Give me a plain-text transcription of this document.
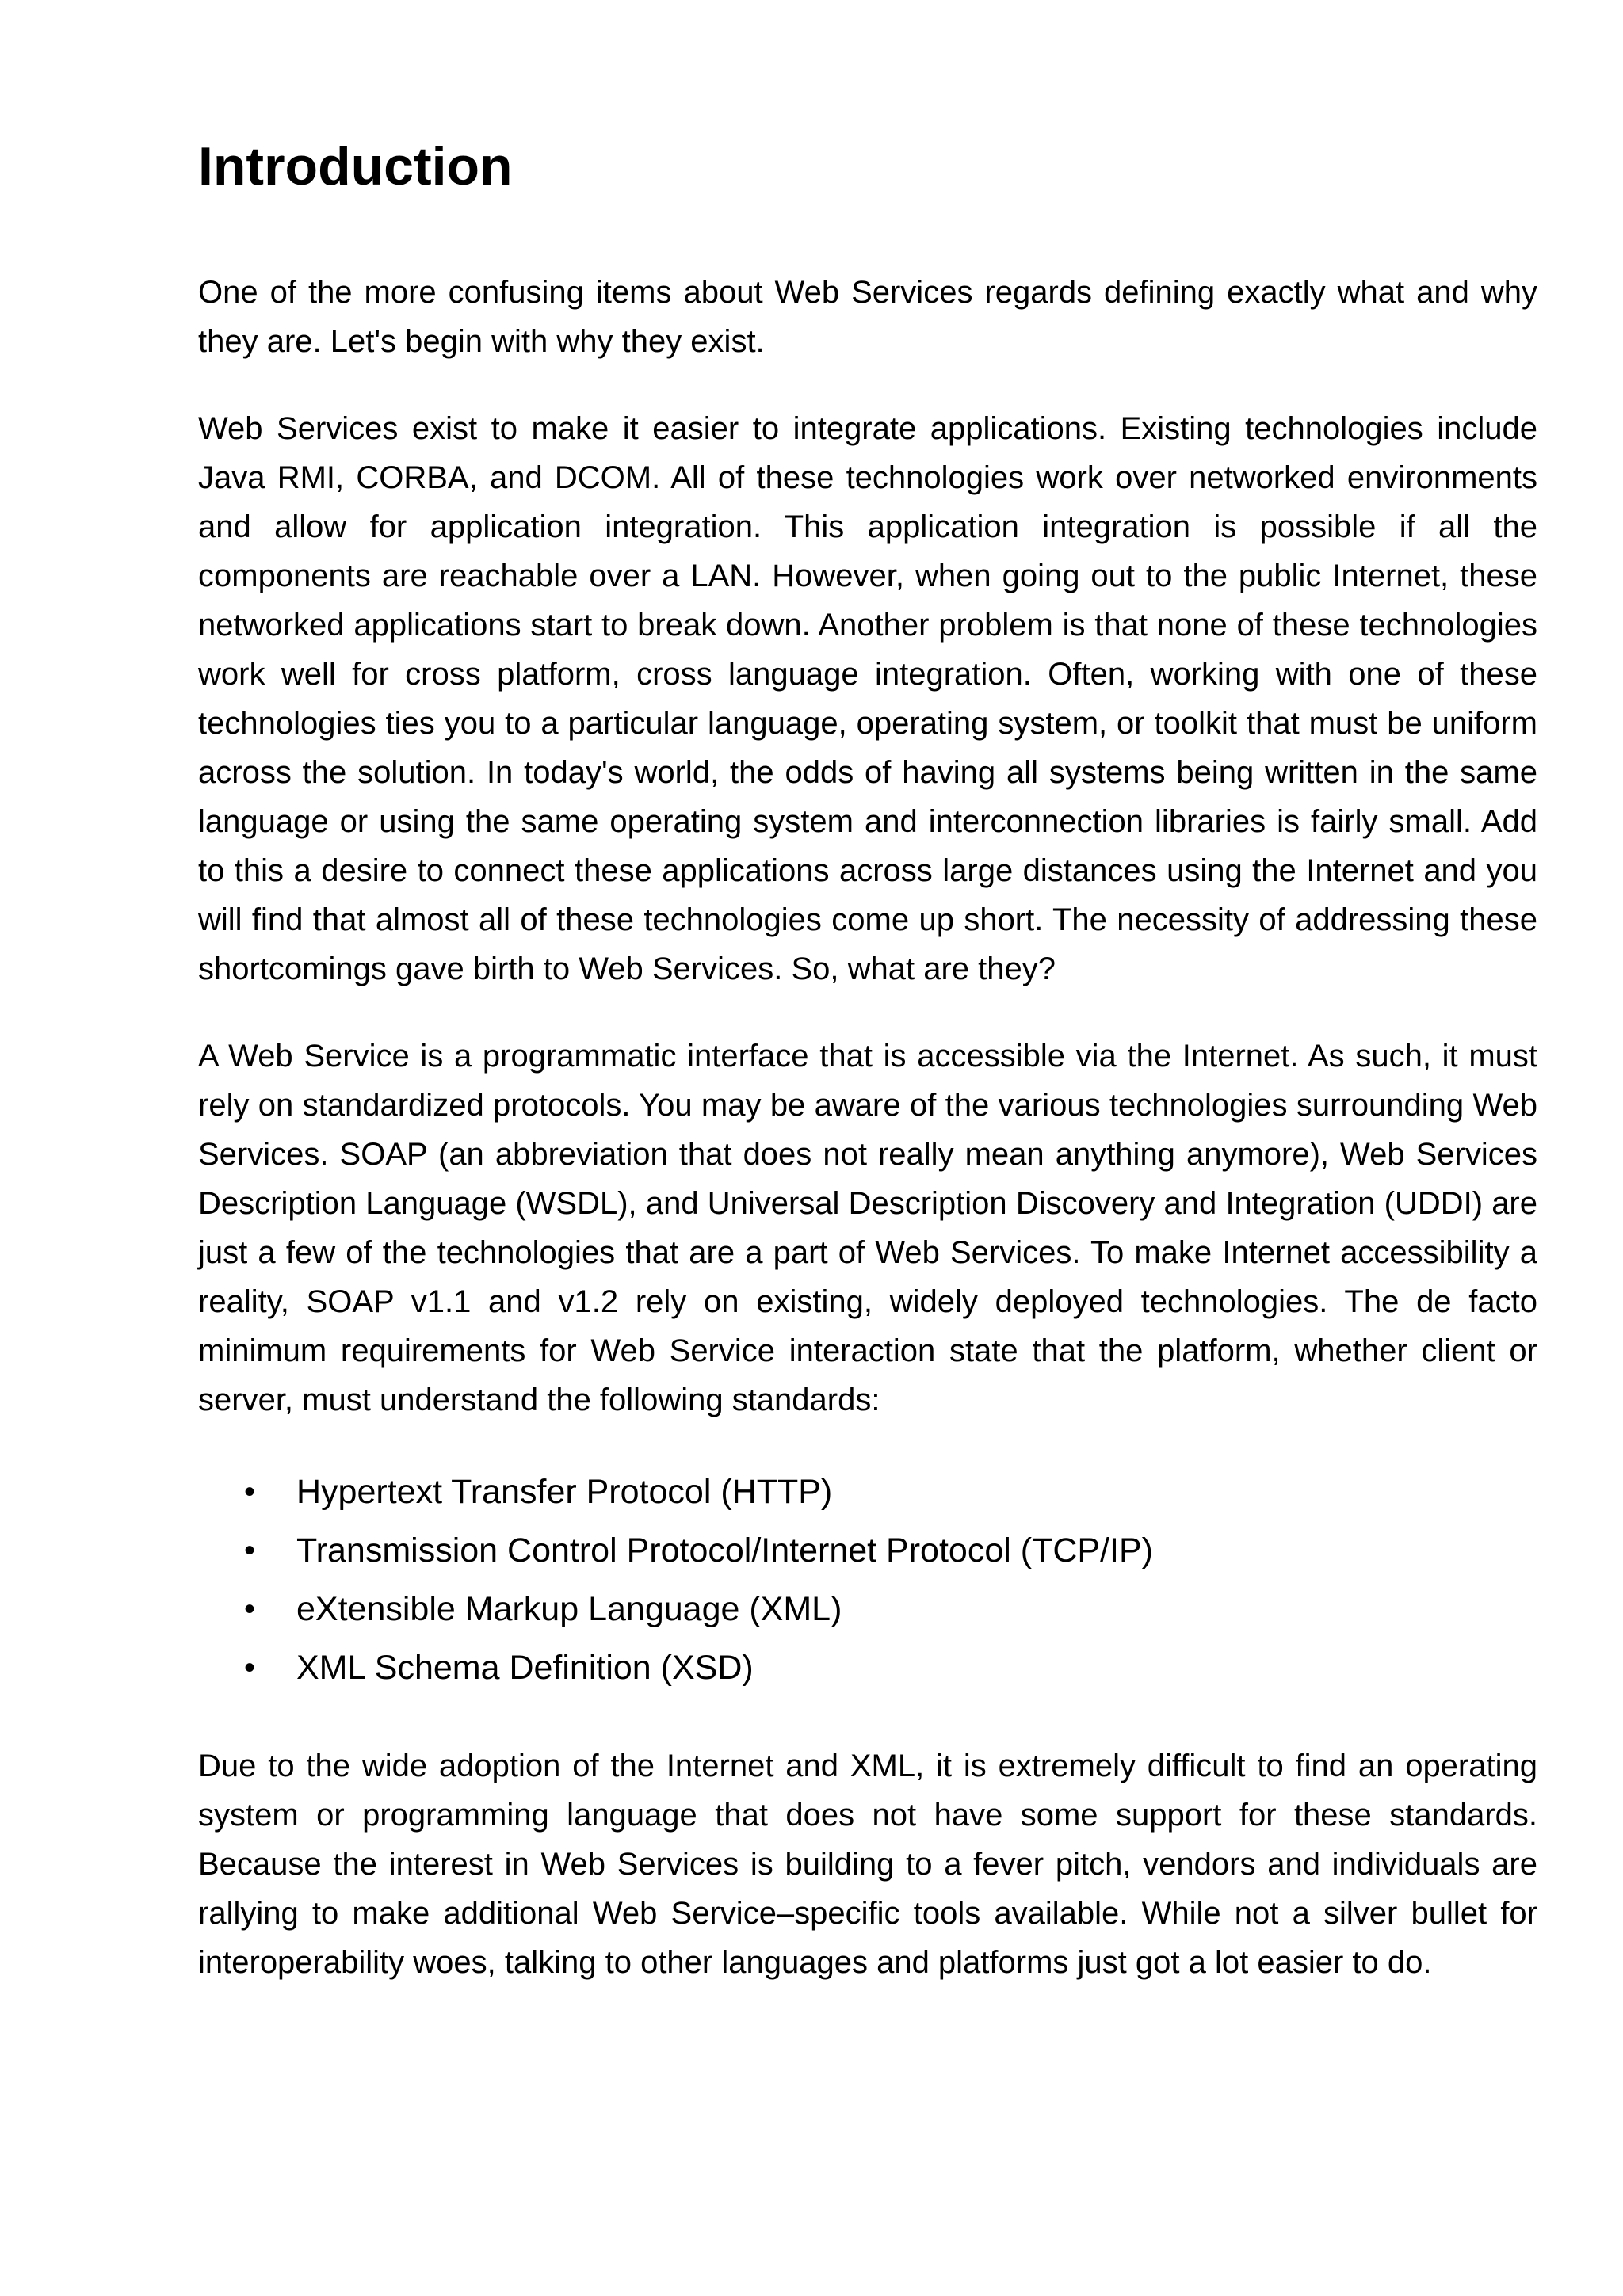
Introduction

One of the more confusing items about Web Services regards defining exactly what and why they are. Let's begin with why they exist.

Web Services exist to make it easier to integrate applications. Existing technologies include Java RMI, CORBA, and DCOM. All of these technologies work over networked environments and allow for application integration. This application integration is possible if all the components are reachable over a LAN. However, when going out to the public Internet, these networked applications start to break down. Another problem is that none of these technologies work well for cross platform, cross language integration. Often, working with one of these technologies ties you to a particular language, operating system, or toolkit that must be uniform across the solution. In today's world, the odds of having all systems being written in the same language or using the same operating system and interconnection libraries is fairly small. Add to this a desire to connect these applications across large distances using the Internet and you will find that almost all of these technologies come up short. The necessity of addressing these shortcomings gave birth to Web Services. So, what are they?

A Web Service is a programmatic interface that is accessible via the Internet. As such, it must rely on standardized protocols. You may be aware of the various technologies surrounding Web Services. SOAP (an abbreviation that does not really mean anything anymore), Web Services Description Language (WSDL), and Universal Description Discovery and Integration (UDDI) are just a few of the technologies that are a part of Web Services. To make Internet accessibility a reality, SOAP v1.1 and v1.2 rely on existing, widely deployed technologies. The de facto minimum requirements for Web Service interaction state that the platform, whether client or server, must understand the following standards:

• Hypertext Transfer Protocol (HTTP)
• Transmission Control Protocol/Internet Protocol (TCP/IP)
• eXtensible Markup Language (XML)
• XML Schema Definition (XSD)

Due to the wide adoption of the Internet and XML, it is extremely difficult to find an operating system or programming language that does not have some support for these standards. Because the interest in Web Services is building to a fever pitch, vendors and individuals are rallying to make additional Web Service–specific tools available. While not a silver bullet for interoperability woes, talking to other languages and platforms just got a lot easier to do.
